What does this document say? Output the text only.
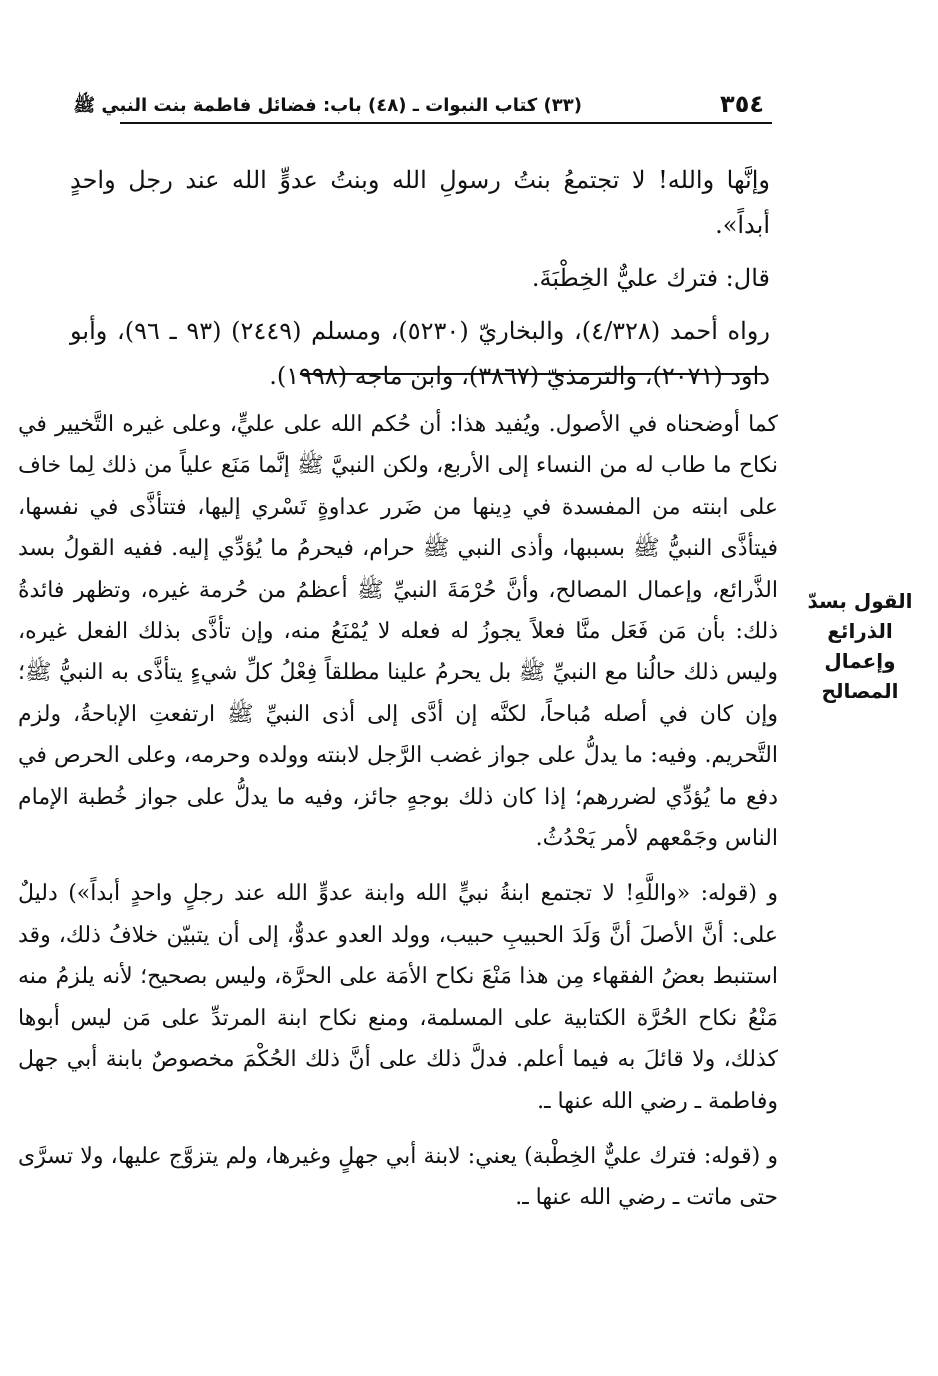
٣٥٤
(٣٣) كتاب النبوات ـ (٤٨) باب: فضائل فاطمة بنت النبي ﷺ

وإنَّها والله! لا تجتمعُ بنتُ رسولِ الله وبنتُ عدوٍّ الله عند رجل واحدٍ أبداً».

قال: فترك عليٌّ الخِطْبَةَ.

رواه أحمد (٤/٣٢٨)، والبخاريّ (٥٢٣٠)، ومسلم (٢٤٤٩) (٩٣ ـ ٩٦)، وأبو داود (٢٠٧١)، والترمذيّ (٣٨٦٧)، وابن ماجه (١٩٩٨).

القول بسدّ
الذرائع
وإعمال
المصالح

كما أوضحناه في الأصول. ويُفيد هذا: أن حُكم الله على عليٍّ، وعلى غيره التَّخيير في نكاح ما طاب له من النساء إلى الأربع، ولكن النبيَّ ﷺ إنَّما مَنَع علياً من ذلك لِما خاف على ابنته من المفسدة في دِينها من ضَرر عداوةٍ تَسْري إليها، فتتأذَّى في نفسها، فيتأذَّى النبيُّ ﷺ بسببها، وأذى النبي ﷺ حرام، فيحرمُ ما يُؤدِّي إليه. ففيه القولُ بسد الذَّرائع، وإعمال المصالح، وأنَّ حُرْمَةَ النبيِّ ﷺ أعظمُ من حُرمة غيره، وتظهر فائدةُ ذلك: بأن مَن فَعَل منَّا فعلاً يجوزُ له فعله لا يُمْنَعُ منه، وإن تأذَّى بذلك الفعل غيره، وليس ذلك حالُنا مع النبيِّ ﷺ بل يحرمُ علينا مطلقاً فِعْلُ كلِّ شيءٍ يتأذَّى به النبيُّ ﷺ؛ وإن كان في أصله مُباحاً، لكنَّه إن أدَّى إلى أذى النبيِّ ﷺ ارتفعتِ الإباحةُ، ولزم التَّحريم. وفيه: ما يدلُّ على جواز غضب الرَّجل لابنته وولده وحرمه، وعلى الحرص في دفع ما يُؤدِّي لضررهم؛ إذا كان ذلك بوجهٍ جائز، وفيه ما يدلُّ على جواز خُطبة الإمام الناس وجَمْعهم لأمر يَحْدُثُ.

و (قوله: «واللَّهِ! لا تجتمع ابنةُ نبيٍّ الله وابنة عدوٍّ الله عند رجلٍ واحدٍ أبداً») دليلٌ على: أنَّ الأصلَ أنَّ وَلَدَ الحبيبِ حبيب، وولد العدو عدوٌّ، إلى أن يتبيّن خلافُ ذلك، وقد استنبط بعضُ الفقهاء مِن هذا مَنْعَ نكاح الأمَة على الحرَّة، وليس بصحيح؛ لأنه يلزمُ منه مَنْعُ نكاح الحُرَّة الكتابية على المسلمة، ومنع نكاح ابنة المرتدِّ على مَن ليس أبوها كذلك، ولا قائلَ به فيما أعلم. فدلَّ ذلك على أنَّ ذلك الحُكْمَ مخصوصٌ بابنة أبي جهل وفاطمة ـ رضي الله عنها ـ.

و (قوله: فترك عليٌّ الخِطْبة) يعني: لابنة أبي جهلٍ وغيرها، ولم يتزوَّج عليها، ولا تسرَّى حتى ماتت ـ رضي الله عنها ـ.
